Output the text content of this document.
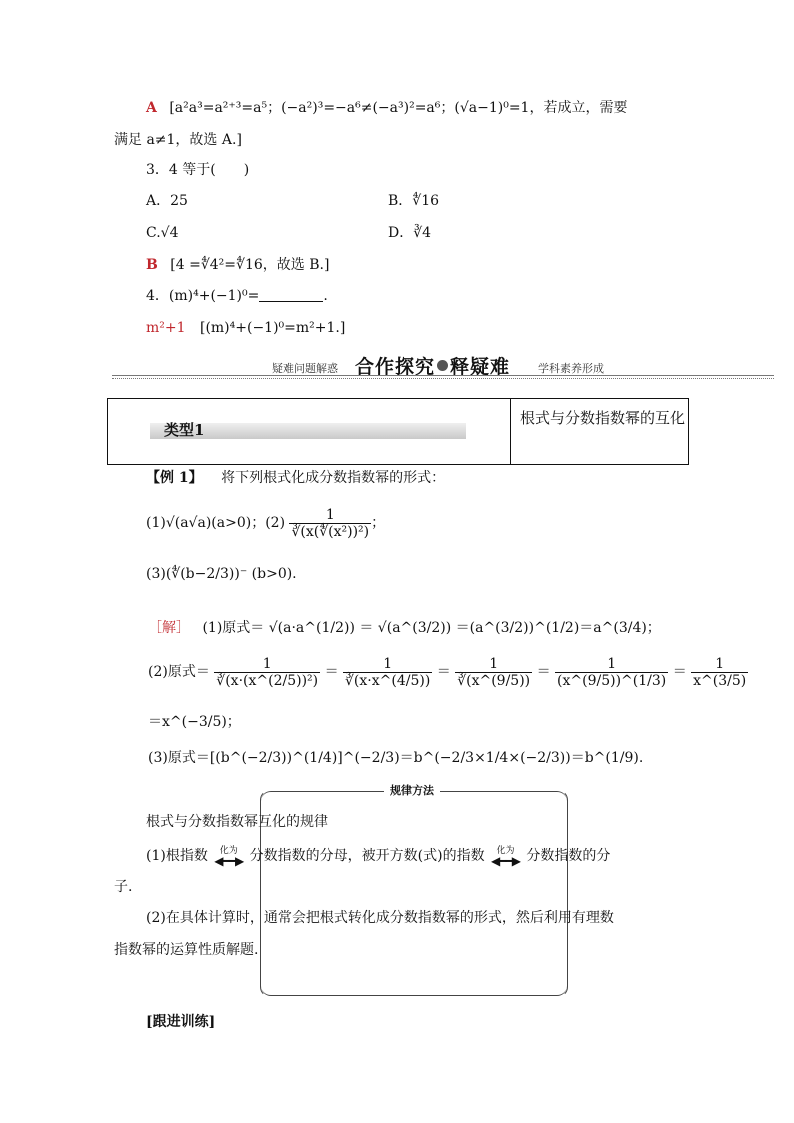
A [a²a³=a²⁺³=a⁵；(−a²)³=−a⁶≠(−a³)²=a⁶；(√a−1)⁰=1，若成立，需要
满足 a≠1，故选 A.]
3．4 等于(　　)
A．25	B．∜16
C.√4	D．∛4
B [4 =∜4²=∜16，故选 B.]
4．(m)⁴+(−1)⁰=	.
m²+1 [(m)⁴+(−1)⁰=m²+1.]
疑难问题解惑 合作探究 释疑难	学科素养形成
类型1
根式与分数指数幂的互化
【例 1】 将下列根式化成分数指数幂的形式：
(1)√(a√a)(a>0)；$(2) \frac{1}{\text{∛(x(∜(x²))²)}}$ ；
(3)(∜(b−2/3))⁻ (b>0).
［解］ (1)原式＝ √(a·a^(1/2)) ＝ √(a^(3/2)) ＝(a^(3/2))^(1/2)＝a^(3/4)；
(2)原式＝ $\frac{1}{\text{∛(x·(x\textasciicircum{}(2/5))²)}} = \frac{1}{∛(x\cdot x\^{}(4/5))} = \frac{1}{∛(x\^{}(9/5))} = \frac{1}{(x\^{}(9/5))\^{}(1/3)} = \frac{1}{x\^{}(3/5)}$
＝x^(−3/5)；
(3)原式＝[(b^(−2/3))^(1/4)]^(−2/3)＝b^(−2/3×1/4×(−2/3))＝b^(1/9).
规律方法
根式与分数指数幂互化的规律
(1)根指数 化为
◀━━▶ 分数指数的分母，被开方数(式)的指数 化为
◀━━▶ 分数指数的分
子.
(2)在具体计算时，通常会把根式转化成分数指数幂的形式，然后利用有理数
指数幂的运算性质解题.
[跟进训练]
